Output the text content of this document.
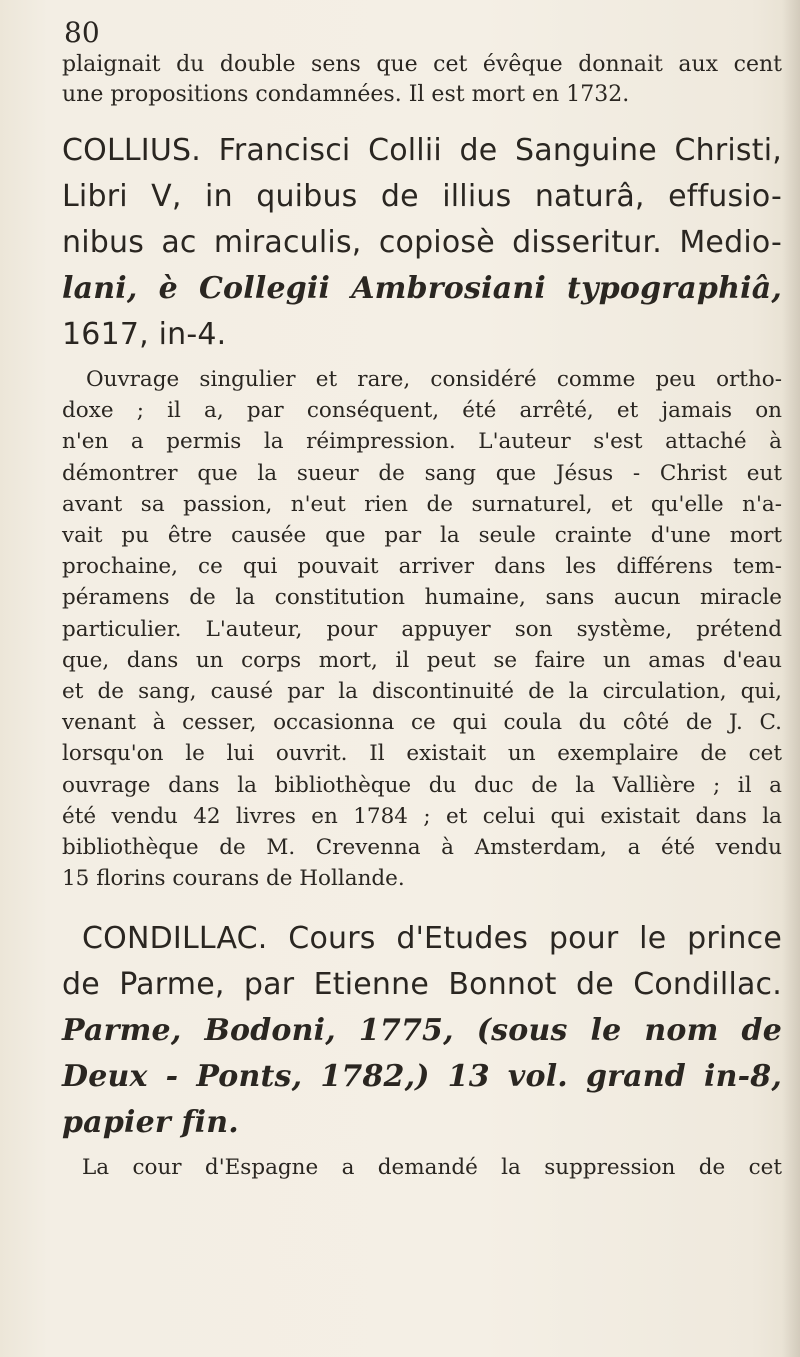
80

plaignait du double sens que cet évêque donnait aux cent

une propositions condamnées. Il est mort en 1732.

COLLIUS. Francisci Collii de Sanguine Christi,
Libri V, in quibus de illius naturâ, effusio-
nibus ac miraculis, copiosè disseritur. Medio-
lani, è Collegii Ambrosiani typographiâ,
1617, in-4.
Ouvrage singulier et rare, considéré comme peu ortho-
doxe ; il a, par conséquent, été arrêté, et jamais on
n'en a permis la réimpression. L'auteur s'est attaché à
démontrer que la sueur de sang que Jésus - Christ eut
avant sa passion, n'eut rien de surnaturel, et qu'elle n'a-
vait pu être causée que par la seule crainte d'une mort
prochaine, ce qui pouvait arriver dans les différens tem-
péramens de la constitution humaine, sans aucun miracle
particulier. L'auteur, pour appuyer son système, prétend
que, dans un corps mort, il peut se faire un amas d'eau
et de sang, causé par la discontinuité de la circulation, qui,
venant à cesser, occasionna ce qui coula du côté de J. C.
lorsqu'on le lui ouvrit. Il existait un exemplaire de cet
ouvrage dans la bibliothèque du duc de la Vallière ; il a
été vendu 42 livres en 1784 ; et celui qui existait dans la
bibliothèque de M. Crevenna à Amsterdam, a été vendu
15 florins courans de Hollande.
CONDILLAC. Cours d'Etudes pour le prince
de Parme, par Etienne Bonnot de Condillac.
Parme, Bodoni, 1775, (sous le nom de
Deux - Ponts, 1782,) 13 vol. grand in-8,
papier fin.
La cour d'Espagne a demandé la suppression de cet
